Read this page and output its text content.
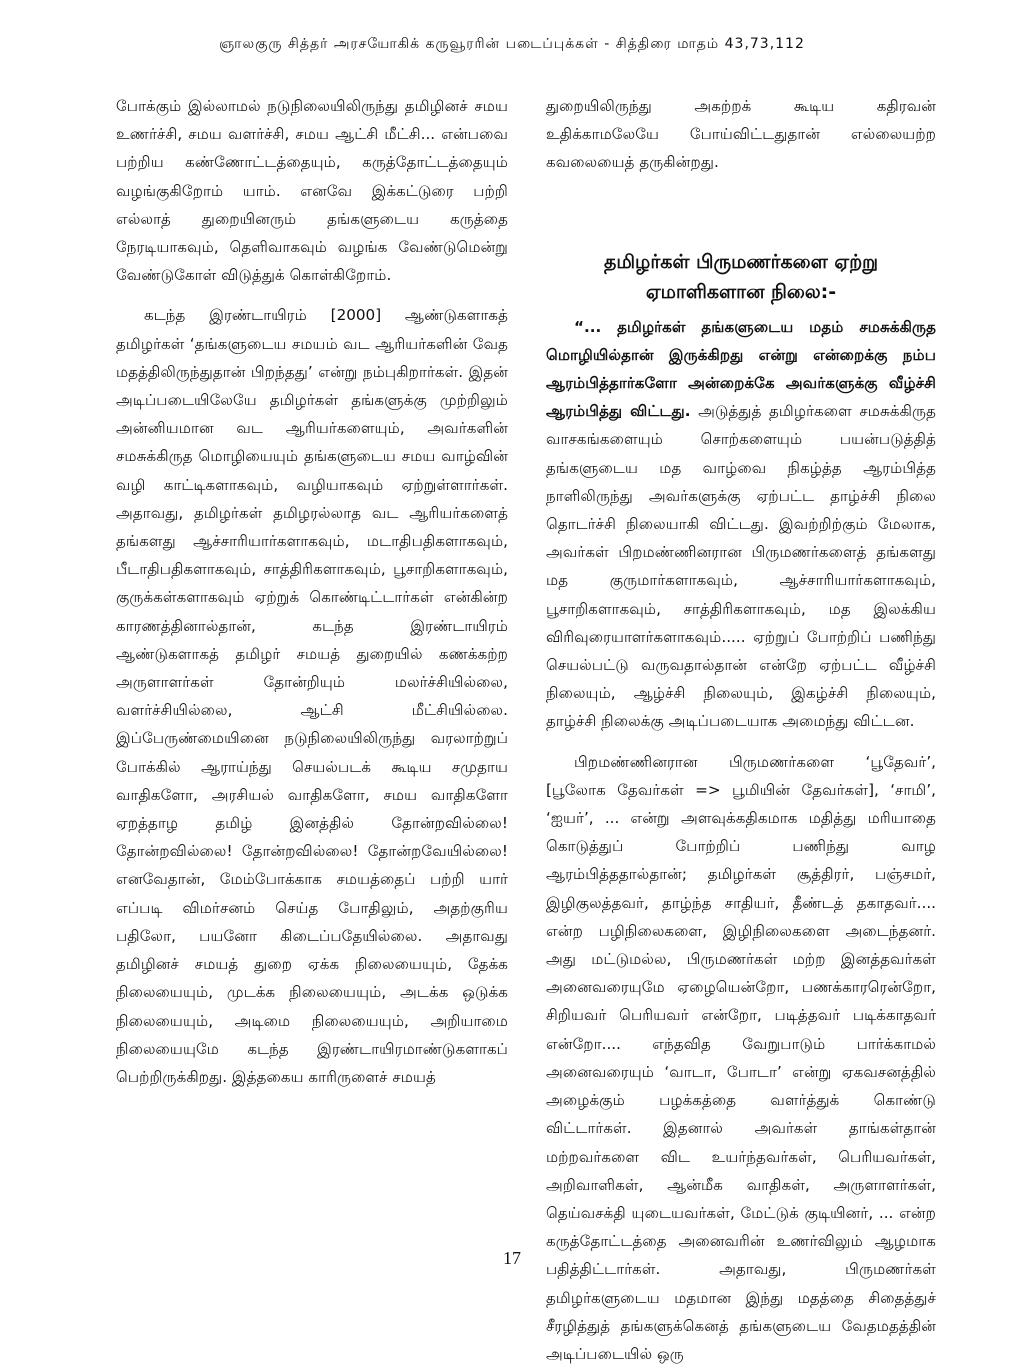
ஞாலகுரு சித்தர் அரசயோகிக் கருவூரரின் படைப்புக்கள் - சித்திரை மாதம் 43,73,112

போக்கும் இல்லாமல் நடுநிலையிலிருந்து தமிழினச் சமய உணர்ச்சி, சமய வளர்ச்சி, சமய ஆட்சி மீட்சி... என்பவை பற்றிய கண்ணோட்டத்தையும், கருத்தோட்டத்தையும் வழங்குகிறோம் யாம். எனவே இக்கட்டுரை பற்றி எல்லாத் துறையினரும் தங்களுடைய கருத்தை நேரடியாகவும், தெளிவாகவும் வழங்க வேண்டுமென்று வேண்டுகோள் விடுத்துக் கொள்கிறோம்.

கடந்த இரண்டாயிரம் [2000] ஆண்டுகளாகத் தமிழர்கள் ‘தங்களுடைய சமயம் வட ஆரியர்களின் வேத மதத்திலிருந்துதான் பிறந்தது’ என்று நம்புகிறார்கள். இதன் அடிப்படையிலேயே தமிழர்கள் தங்களுக்கு முற்றிலும் அன்னியமான வட ஆரியர்களையும், அவர்களின் சமசுக்கிருத மொழியையும் தங்களுடைய சமய வாழ்வின் வழி காட்டிகளாகவும், வழியாகவும் ஏற்றுள்ளார்கள். அதாவது, தமிழர்கள் தமிழரல்லாத வட ஆரியர்களைத் தங்களது ஆச்சாரியார்களாகவும், மடாதிபதிகளாகவும், பீடாதிபதிகளாகவும், சாத்திரிகளாகவும், பூசாறிகளாகவும், குருக்கள்களாகவும் ஏற்றுக் கொண்டிட்டார்கள் என்கின்ற காரணத்தினால்தான், கடந்த இரண்டாயிரம் ஆண்டுகளாகத் தமிழர் சமயத் துறையில் கணக்கற்ற அருளாளர்கள் தோன்றியும் மலர்ச்சியில்லை, வளர்ச்சியில்லை, ஆட்சி மீட்சியில்லை. இப்பேருண்மையினை நடுநிலையிலிருந்து வரலாற்றுப் போக்கில் ஆராய்ந்து செயல்படக் கூடிய சமுதாய வாதிகளோ, அரசியல் வாதிகளோ, சமய வாதிகளோ ஏறத்தாழ தமிழ் இனத்தில் தோன்றவில்லை! தோன்றவில்லை! தோன்றவில்லை! தோன்றவேயில்லை! எனவேதான், மேம்போக்காக சமயத்தைப் பற்றி யார் எப்படி விமர்சனம் செய்த போதிலும், அதற்குரிய பதிலோ, பயனோ கிடைப்பதேயில்லை. அதாவது தமிழினச் சமயத் துறை ஏக்க நிலையையும், தேக்க நிலையையும், முடக்க நிலையையும், அடக்க ஒடுக்க நிலையையும், அடிமை நிலையையும், அறியாமை நிலையையுமே கடந்த இரண்டாயிரமாண்டுகளாகப் பெற்றிருக்கிறது. இத்தகைய காரிருளைச் சமயத்

துறையிலிருந்து அகற்றக் கூடிய கதிரவன் உதிக்காமலேயே போய்விட்டதுதான் எல்லையற்ற கவலையைத் தருகின்றது.

தமிழர்கள் பிருமணர்களை ஏற்று
ஏமாளிகளான நிலை:-

“... தமிழர்கள் தங்களுடைய மதம் சமசுக்கிருத மொழியில்தான் இருக்கிறது என்று என்றைக்கு நம்ப ஆரம்பித்தார்களோ அன்றைக்கே அவர்களுக்கு வீழ்ச்சி ஆரம்பித்து விட்டது. அடுத்துத் தமிழர்களை சமசுக்கிருத வாசகங்களையும் சொற்களையும் பயன்படுத்தித் தங்களுடைய மத வாழ்வை நிகழ்த்த ஆரம்பித்த நாளிலிருந்து அவர்களுக்கு ஏற்பட்ட தாழ்ச்சி நிலை தொடர்ச்சி நிலையாகி விட்டது. இவற்றிற்கும் மேலாக, அவர்கள் பிறமண்ணினரான பிருமணர்களைத் தங்களது மத குருமார்களாகவும், ஆச்சாரியார்களாகவும், பூசாறிகளாகவும், சாத்திரிகளாகவும், மத இலக்கிய விரிவுரையாளர்களாகவும்..... ஏற்றுப் போற்றிப் பணிந்து செயல்பட்டு வருவதால்தான் என்றே ஏற்பட்ட வீழ்ச்சி நிலையும், ஆழ்ச்சி நிலையும், இகழ்ச்சி நிலையும், தாழ்ச்சி நிலைக்கு அடிப்படையாக அமைந்து விட்டன.

பிறமண்ணினரான பிருமணர்களை ‘பூதேவர்’, [பூலோக தேவர்கள் => பூமியின் தேவர்கள்], ‘சாமி’, ‘ஐயர்’, ... என்று அளவுக்கதிகமாக மதித்து மரியாதை கொடுத்துப் போற்றிப் பணிந்து வாழ ஆரம்பித்ததால்தான்; தமிழர்கள் சூத்திரர், பஞ்சமர், இழிகுலத்தவர், தாழ்ந்த சாதியர், தீண்டத் தகாதவர்.... என்ற பழிநிலைகளை, இழிநிலைகளை அடைந்தனர். அது மட்டுமல்ல, பிருமணர்கள் மற்ற இனத்தவர்கள் அனைவரையுமே ஏழையென்றோ, பணக்காரரென்றோ, சிறியவர் பெரியவர் என்றோ, படித்தவர் படிக்காதவர் என்றோ.... எந்தவித வேறுபாடும் பார்க்காமல் அனைவரையும் ‘வாடா, போடா’ என்று ஏகவசனத்தில் அழைக்கும் பழக்கத்தை வளர்த்துக் கொண்டு விட்டார்கள். இதனால் அவர்கள் தாங்கள்தான் மற்றவர்களை விட உயர்ந்தவர்கள், பெரியவர்கள், அறிவாளிகள், ஆன்மீக வாதிகள், அருளாளர்கள், தெய்வசக்தி யுடையவர்கள், மேட்டுக் குடியினர், ... என்ற கருத்தோட்டத்தை அனைவரின் உணர்விலும் ஆழமாக பதித்திட்டார்கள். அதாவது, பிருமணர்கள் தமிழர்களுடைய மதமான இந்து மதத்தை சிதைத்துச் சீரழித்துத் தங்களுக்கெனத் தங்களுடைய வேதமதத்தின் அடிப்படையில் ஒரு

17
